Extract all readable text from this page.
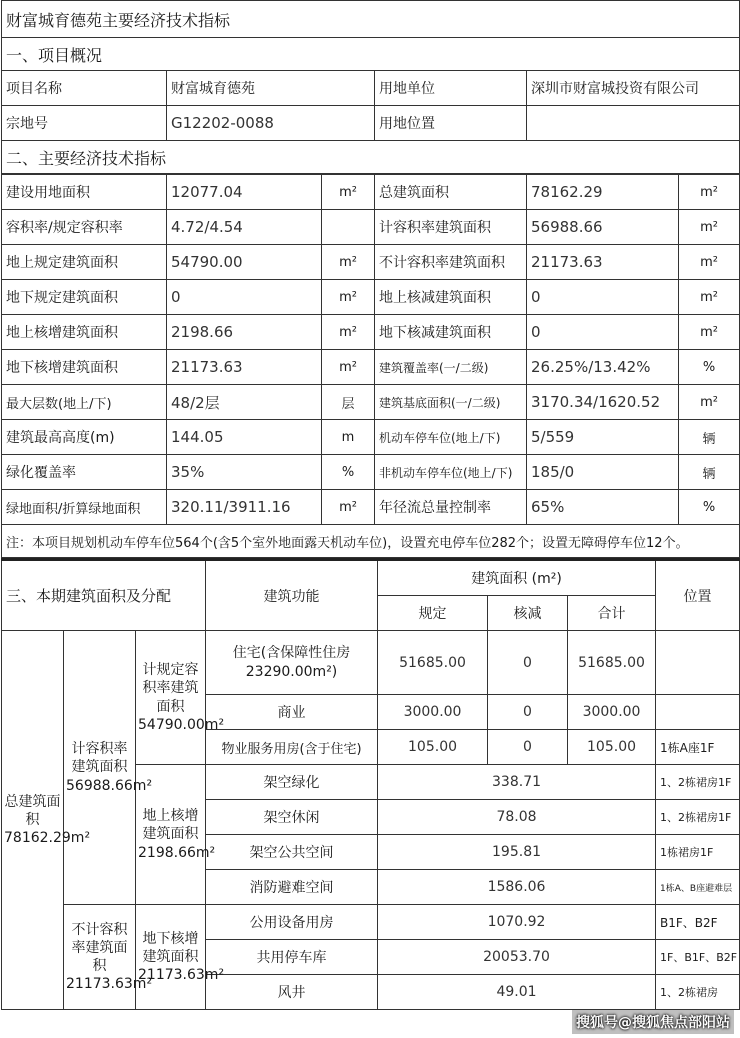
财富城育德苑主要经济技术指标			
一、项目概况			
项目名称	财富城育德苑	用地单位	深圳市财富城投资有限公司
宗地号	G12202-0088	用地位置	
二、主要经济技术指标			
建设用地面积	12077.04	m²	总建筑面积	78162.29	m²
容积率/规定容积率	4.72/4.54		计容积率建筑面积	56988.66	m²
地上规定建筑面积	54790.00	m²	不计容积率建筑面积	21173.63	m²
地下规定建筑面积	0	m²	地上核减建筑面积	0	m²
地上核增建筑面积	2198.66	m²	地下核减建筑面积	0	m²
地下核增建筑面积	21173.63	m²	建筑覆盖率(一/二级)	26.25%/13.42%	%
最大层数(地上/下)	48/2层	层	建筑基底面积(一/二级)	3170.34/1620.52	m²
建筑最高高度(m)	144.05	m	机动车停车位(地上/下)	5/559	辆
绿化覆盖率	35%	%	非机动车停车位(地上/下)	185/0	辆
绿地面积/折算绿地面积	320.11/3911.16	m²	年径流总量控制率	65%	%
注：本项目规划机动车停车位564个(含5个室外地面露天机动车位)，设置充电停车位282个；设置无障碍停车位12个。					
三、本期建筑面积及分配			建筑功能	建筑面积 (m²)			位置
				规定	核减	合计	
总建筑面积78162.29m²	计容积率建筑面积56988.66m²	计规定容积率建筑面积54790.00m²	住宅(含保障性住房23290.00m²)	51685.00	0	51685.00	
			商业	3000.00	0	3000.00	
			物业服务用房(含于住宅)	105.00	0	105.00	1栋A座1F
		地上核增建筑面积2198.66m²	架空绿化	338.71			1、2栋裙房1F
			架空休闲	78.08			1、2栋裙房1F
			架空公共空间	195.81			1栋裙房1F
			消防避难空间	1586.06			1栋A、B座避难层
	不计容积率建筑面积21173.63m²	地下核增建筑面积21173.63m²	公用设备用房	1070.92			B1F、B2F
			共用停车库	20053.70			1F、B1F、B2F
			风井	49.01			1、2栋裙房
搜狐号@搜狐焦点部阳站
